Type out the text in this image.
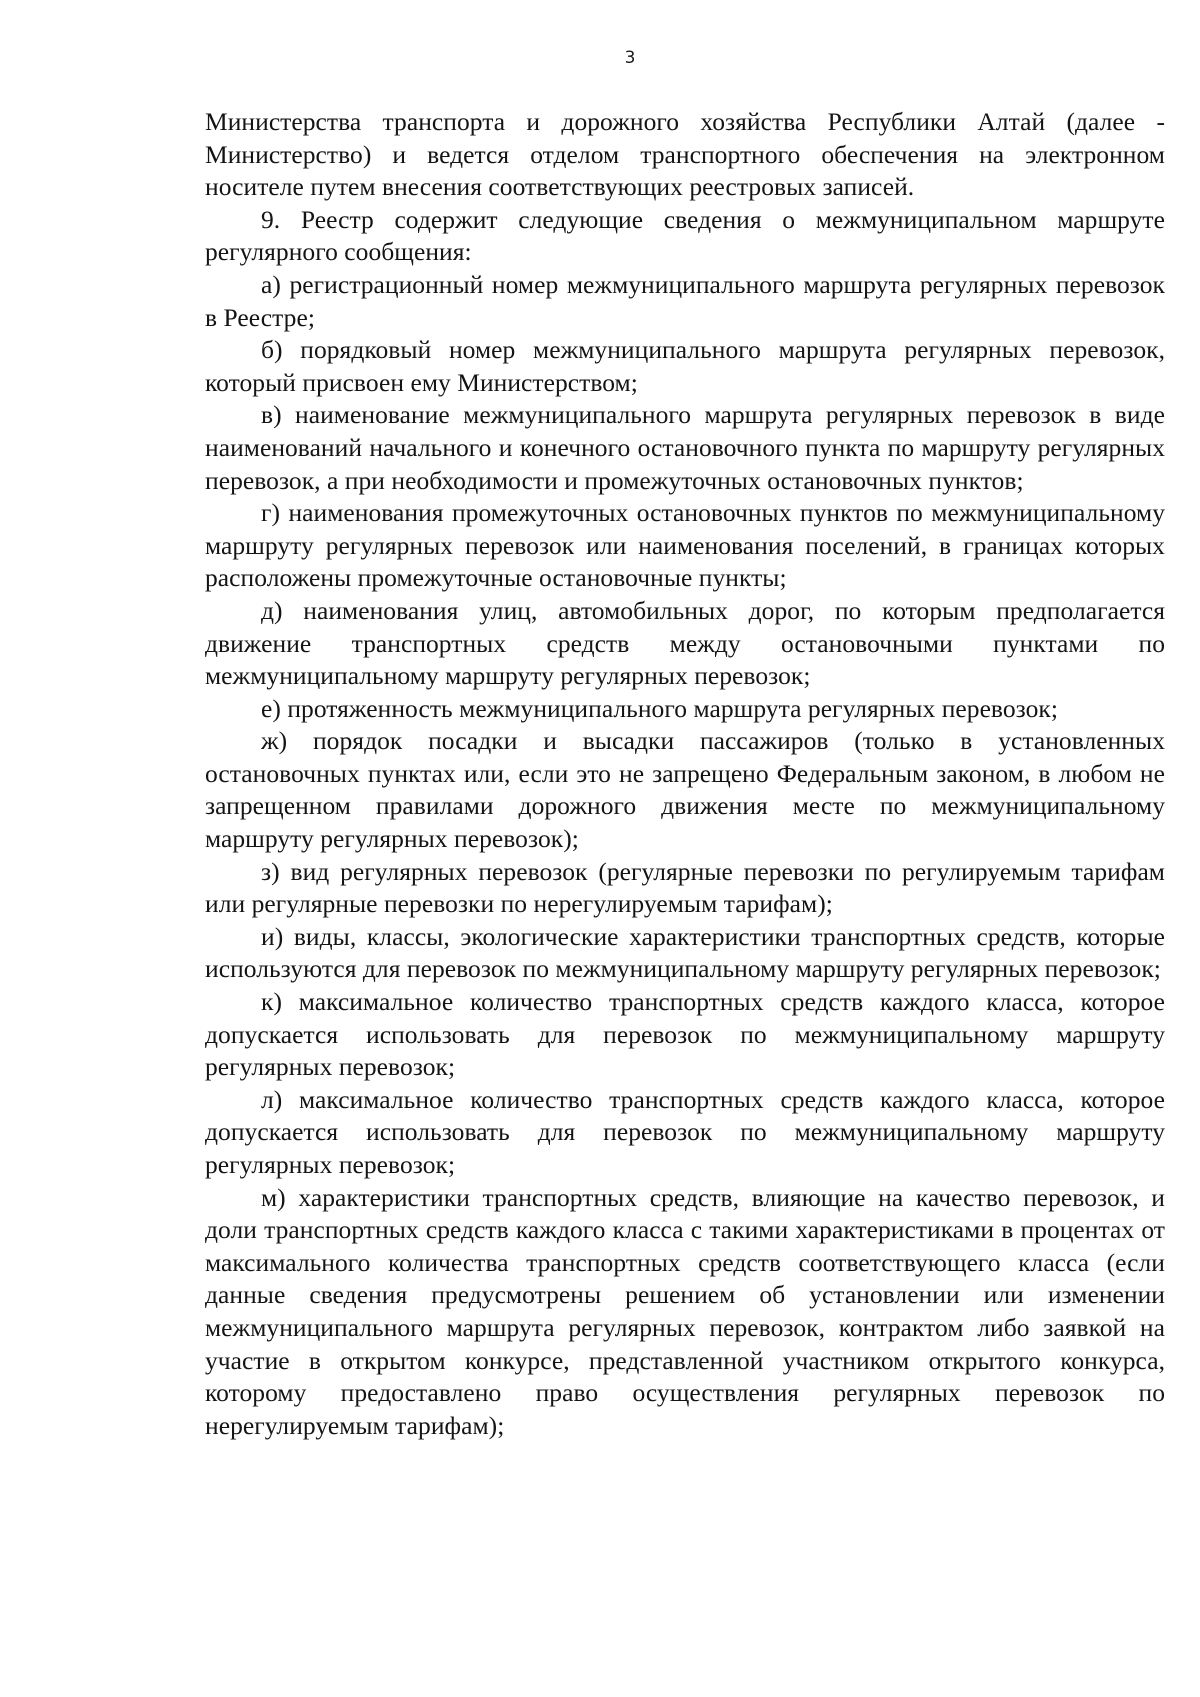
3

Министерства транспорта и дорожного хозяйства Республики Алтай (далее - Министерство) и ведется отделом транспортного обеспечения на электронном носителе путем внесения соответствующих реестровых записей.

9. Реестр содержит следующие сведения о межмуниципальном маршруте регулярного сообщения:

а) регистрационный номер межмуниципального маршрута регулярных перевозок в Реестре;

б) порядковый номер межмуниципального маршрута регулярных перевозок, который присвоен ему Министерством;

в) наименование межмуниципального маршрута регулярных перевозок в виде наименований начального и конечного остановочного пункта по маршруту регулярных перевозок, а при необходимости и промежуточных остановочных пунктов;

г) наименования промежуточных остановочных пунктов по межмуниципальному маршруту регулярных перевозок или наименования поселений, в границах которых расположены промежуточные остановочные пункты;

д) наименования улиц, автомобильных дорог, по которым предполагается движение транспортных средств между остановочными пунктами по межмуниципальному маршруту регулярных перевозок;

е) протяженность межмуниципального маршрута регулярных перевозок;

ж) порядок посадки и высадки пассажиров (только в установленных остановочных пунктах или, если это не запрещено Федеральным законом, в любом не запрещенном правилами дорожного движения месте по межмуниципальному маршруту регулярных перевозок);

з) вид регулярных перевозок (регулярные перевозки по регулируемым тарифам или регулярные перевозки по нерегулируемым тарифам);

и) виды, классы, экологические характеристики транспортных средств, которые используются для перевозок по межмуниципальному маршруту регулярных перевозок;

к) максимальное количество транспортных средств каждого класса, которое допускается использовать для перевозок по межмуниципальному маршруту регулярных перевозок;

л) максимальное количество транспортных средств каждого класса, которое допускается использовать для перевозок по межмуниципальному маршруту регулярных перевозок;

м) характеристики транспортных средств, влияющие на качество перевозок, и доли транспортных средств каждого класса с такими характеристиками в процентах от максимального количества транспортных средств соответствующего класса (если данные сведения предусмотрены решением об установлении или изменении межмуниципального маршрута регулярных перевозок, контрактом либо заявкой на участие в открытом конкурсе, представленной участником открытого конкурса, которому предоставлено право осуществления регулярных перевозок по нерегулируемым тарифам);
